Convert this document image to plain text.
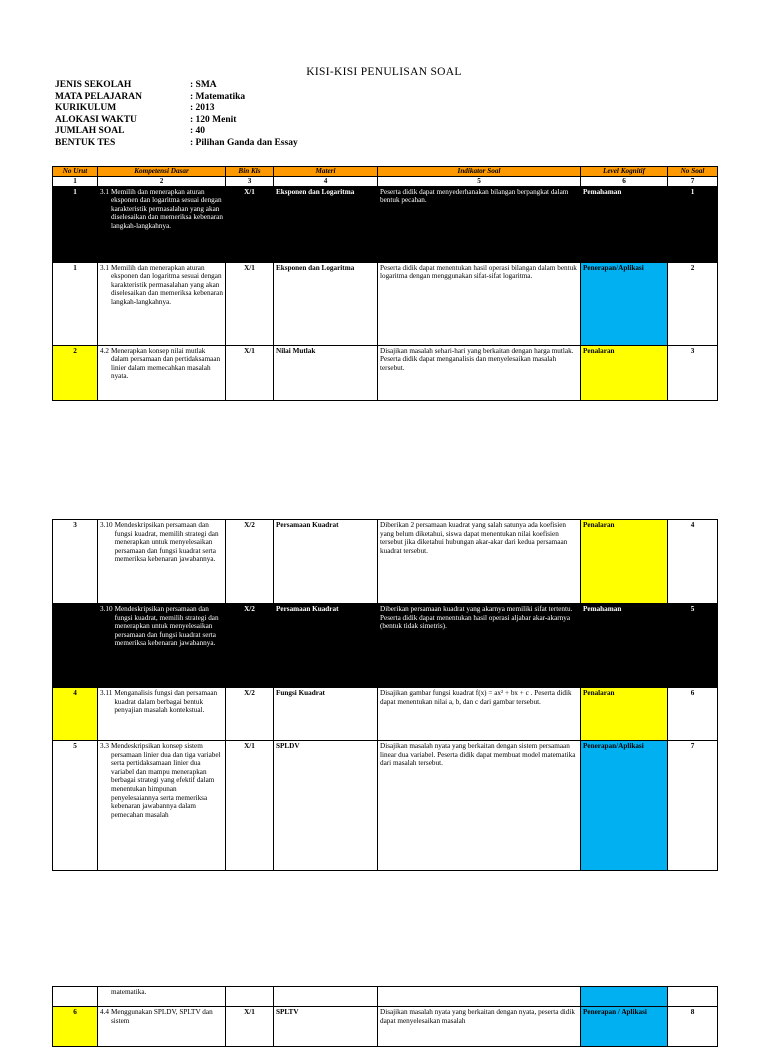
KISI-KISI PENULISAN SOAL
JENIS SEKOLAH	: SMA
MATA PELAJARAN	: Matematika
KURIKULUM	: 2013
ALOKASI WAKTU	: 120 Menit
JUMLAH SOAL	: 40
BENTUK TES	: Pilihan Ganda dan Essay
No Urut	Kompetensi Dasar	Bin Kls	Materi	Indikator Soal	Level Kognitif	No Soal
1	2	3	4	5	6	7
1	3.1 Memilih dan menerapkan aturan eksponen dan logaritma sesuai dengan karakteristik permasalahan yang akan diselesaikan dan memeriksa kebenaran langkah-langkahnya.	X/1	Eksponen dan Logaritma	Peserta didik dapat menyederhanakan bilangan berpangkat dalam bentuk pecahan.	Pemahaman	1
1	3.1 Memilih dan menerapkan aturan eksponen dan logaritma sesuai dengan karakteristik permasalahan yang akan diselesaikan dan memeriksa kebenaran langkah-langkahnya.	X/1	Eksponen dan Logaritma	Peserta didik dapat menentukan hasil operasi bilangan dalam bentuk logaritma dengan menggunakan sifat-sifat logaritma.	Penerapan/Aplikasi	2
2	4.2 Menerapkan konsep nilai mutlak dalam persamaan dan pertidaksamaan linier dalam memecahkan masalah nyata.	X/1	Nilai Mutlak	Disajikan masalah sehari-hari yang berkaitan dengan harga mutlak. Peserta didik dapat menganalisis dan menyelesaikan masalah tersebut.	Penalaran	3
3	3.10 Mendeskripsikan persamaan dan fungsi kuadrat, memilih strategi dan menerapkan untuk menyelesaikan persamaan dan fungsi kuadrat serta memeriksa kebenaran jawabannya.	X/2	Persamaan Kuadrat	Diberikan 2 persamaan kuadrat yang salah satunya ada koefisien yang belum diketahui, siswa dapat menentukan nilai koefisien tersebut jika diketahui hubungan akar-akar dari kedua persamaan kuadrat tersebut.	Penalaran	4

	3.10 Mendeskripsikan persamaan dan fungsi kuadrat, memilih strategi dan menerapkan untuk menyelesaikan persamaan dan fungsi kuadrat serta memeriksa kebenaran jawabannya.	X/2	Persamaan Kuadrat	Diberikan persamaan kuadrat yang akarnya memiliki sifat tertentu. Peserta didik dapat menentukan hasil operasi aljabar akar-akarnya (bentuk tidak simetris).	Pemahaman	5
4	3.11 Menganalisis fungsi dan persamaan kuadrat dalam berbagai bentuk penyajian masalah kontekstual.	X/2	Fungsi Kuadrat	Disajikan gambar fungsi kuadrat f(x) = ax² + bx + c . Peserta didik dapat menentukan nilai a, b, dan c dari gambar tersebut.	Penalaran	6
5	3.3 Mendeskripsikan konsep sistem persamaan linier dua dan tiga variabel serta pertidaksamaan linier dua variabel dan mampu menerapkan berbagai strategi yang efektif dalam menentukan himpunan penyelesaiannya serta memeriksa kebenaran jawabannya dalam pemecahan masalah	X/1	SPLDV	Disajikan masalah nyata yang berkaitan dengan sistem persamaan linear dua variabel. Peserta didik dapat membuat model matematika dari masalah tersebut.	Penerapan/Aplikasi	7

	matematika.					

6	4.4 Menggunakan SPLDV, SPLTV dan sistem	X/1	SPLTV	Disajikan masalah nyata yang berkaitan dengan nyata, peserta didik dapat menyelesaikan masalah	Penerapan / Aplikasi	8
